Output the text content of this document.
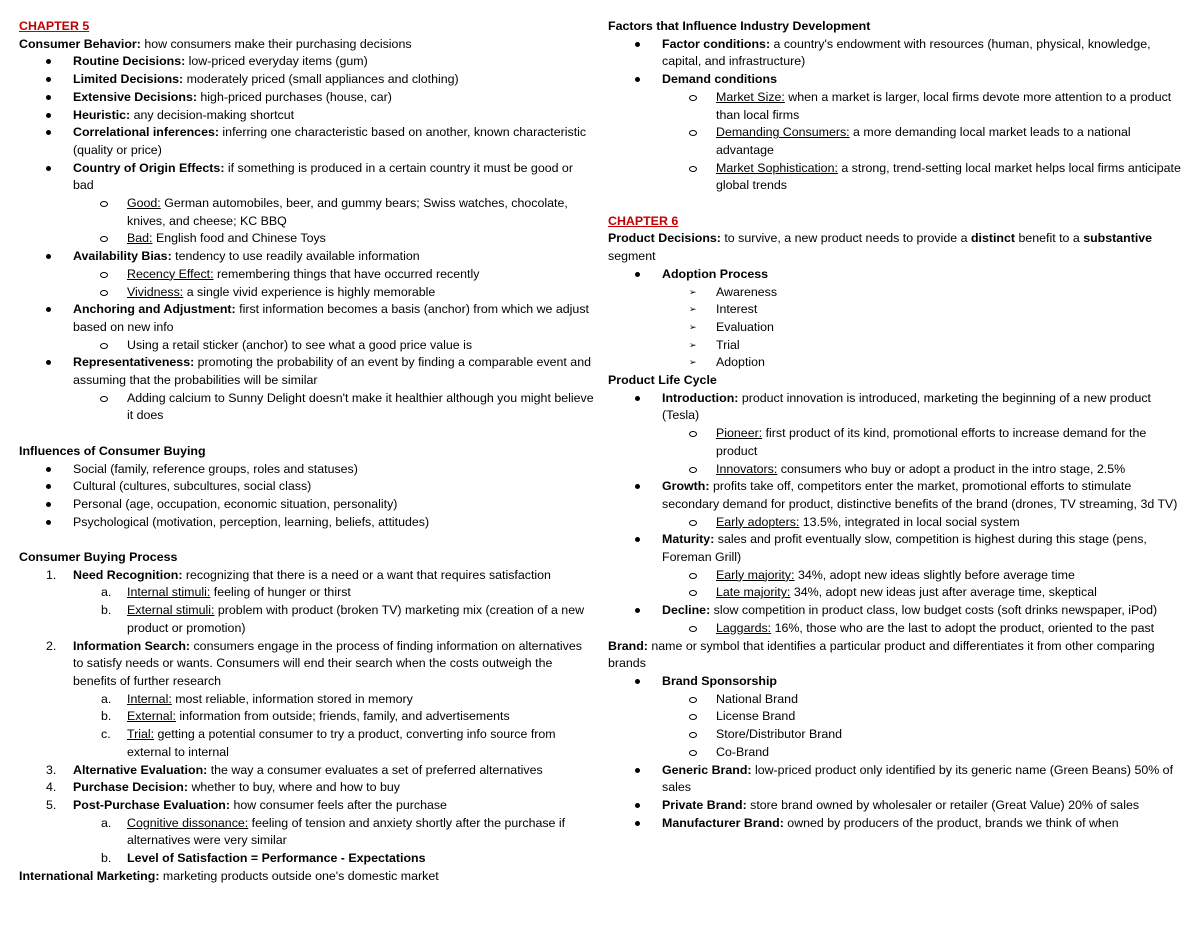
CHAPTER 5
Consumer Behavior: how consumers make their purchasing decisions
Routine Decisions: low-priced everyday items (gum)
Limited Decisions: moderately priced (small appliances and clothing)
Extensive Decisions: high-priced purchases (house, car)
Heuristic: any decision-making shortcut
Correlational inferences: inferring one characteristic based on another, known characteristic (quality or price)
Country of Origin Effects: if something is produced in a certain country it must be good or bad
Good: German automobiles, beer, and gummy bears; Swiss watches, chocolate, knives, and cheese; KC BBQ
Bad: English food and Chinese Toys
Availability Bias: tendency to use readily available information
Recency Effect: remembering things that have occurred recently
Vividness: a single vivid experience is highly memorable
Anchoring and Adjustment: first information becomes a basis (anchor) from which we adjust based on new info
Using a retail sticker (anchor) to see what a good price value is
Representativeness: promoting the probability of an event by finding a comparable event and assuming that the probabilities will be similar
Adding calcium to Sunny Delight doesn't make it healthier although you might believe it does
Influences of Consumer Buying
Social (family, reference groups, roles and statuses)
Cultural (cultures, subcultures, social class)
Personal (age, occupation, economic situation, personality)
Psychological (motivation, perception, learning, beliefs, attitudes)
Consumer Buying Process
1. Need Recognition: recognizing that there is a need or a want that requires satisfaction
a. Internal stimuli: feeling of hunger or thirst
b. External stimuli: problem with product (broken TV) marketing mix (creation of a new product or promotion)
2. Information Search: consumers engage in the process of finding information on alternatives to satisfy needs or wants. Consumers will end their search when the costs outweigh the benefits of further research
a. Internal: most reliable, information stored in memory
b. External: information from outside; friends, family, and advertisements
c. Trial: getting a potential consumer to try a product, converting info source from external to internal
3. Alternative Evaluation: the way a consumer evaluates a set of preferred alternatives
4. Purchase Decision: whether to buy, where and how to buy
5. Post-Purchase Evaluation: how consumer feels after the purchase
a. Cognitive dissonance: feeling of tension and anxiety shortly after the purchase if alternatives were very similar
b. Level of Satisfaction = Performance - Expectations
International Marketing: marketing products outside one's domestic market
Factors that Influence Industry Development
Factor conditions: a country's endowment with resources (human, physical, knowledge, capital, and infrastructure)
Demand conditions
Market Size: when a market is larger, local firms devote more attention to a product than local firms
Demanding Consumers: a more demanding local market leads to a national advantage
Market Sophistication: a strong, trend-setting local market helps local firms anticipate global trends
CHAPTER 6
Product Decisions: to survive, a new product needs to provide a distinct benefit to a substantive segment
Adoption Process
➢ Awareness
➢ Interest
➢ Evaluation
➢ Trial
➢ Adoption
Product Life Cycle
Introduction: product innovation is introduced, marketing the beginning of a new product (Tesla)
Pioneer: first product of its kind, promotional efforts to increase demand for the product
Innovators: consumers who buy or adopt a product in the intro stage, 2.5%
Growth: profits take off, competitors enter the market, promotional efforts to stimulate secondary demand for product, distinctive benefits of the brand (drones, TV streaming, 3d TV)
Early adopters: 13.5%, integrated in local social system
Maturity: sales and profit eventually slow, competition is highest during this stage (pens, Foreman Grill)
Early majority: 34%, adopt new ideas slightly before average time
Late majority: 34%, adopt new ideas just after average time, skeptical
Decline: slow competition in product class, low budget costs (soft drinks newspaper, iPod)
Laggards: 16%, those who are the last to adopt the product, oriented to the past
Brand: name or symbol that identifies a particular product and differentiates it from other comparing brands
Brand Sponsorship
National Brand
License Brand
Store/Distributor Brand
Co-Brand
Generic Brand: low-priced product only identified by its generic name (Green Beans) 50% of sales
Private Brand: store brand owned by wholesaler or retailer (Great Value) 20% of sales
Manufacturer Brand: owned by producers of the product, brands we think of when
